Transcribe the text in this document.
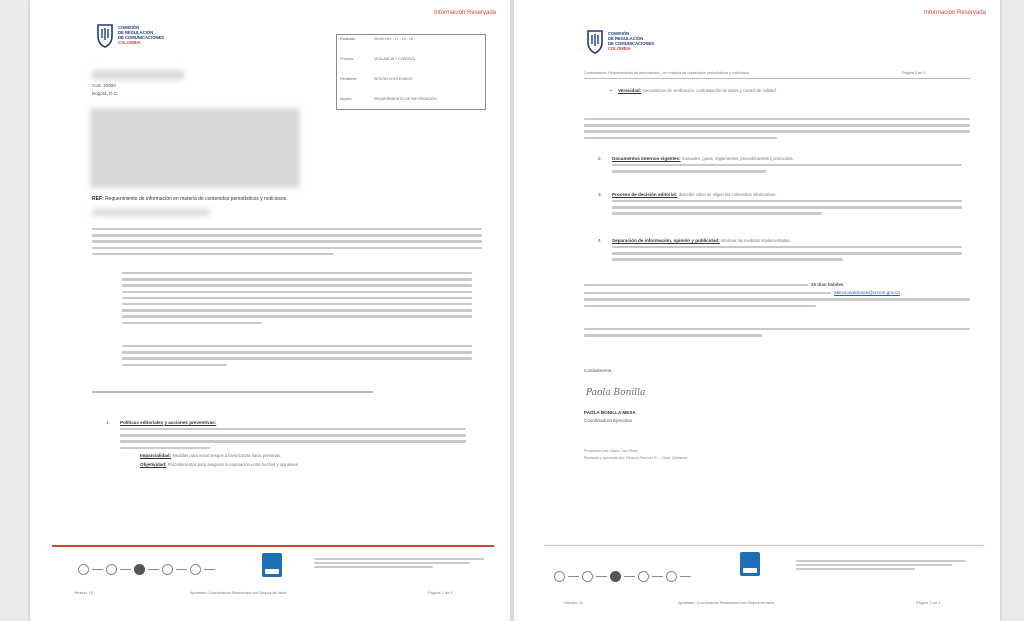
Información Reservada
COMISIÓN
DE REGULACIÓN
DE COMUNICACIONES
COLOMBIA
Radicado:	2019XXXX - 11 - 10 - 16
Proceso:	VIGILANCIA Y CONTROL
Remitente:	SESIÓN CONTENIDOS
Asunto:	REQUERIMIENTO DE INFORMACIÓN
Cod. 10000
Bogotá, D.C.
REF: Requerimiento de información en materia de contenidos periodísticos y noticiosos.
1. Políticas editoriales y acciones preventivas:
Imparcialidad: Medidas para evitar sesgos a favor/contra hacia personas.
Objetividad: Procedimientos para asegurar la separación entre hechos y opiniones.
Versión: 10	Aprobado: Coordinación Relaciones con Grupos de Valor	Página: 1 de 2
Información Reservada
COMISIÓN
DE REGULACIÓN
DE COMUNICACIONES
COLOMBIA
Continuación: Requerimiento de información – en materia de contenidos periodísticos y noticiosos	Página 2 de 2
• Veracidad: mecanismos de verificación, contrastación de datos y control de calidad.
2. Documentos internos vigentes: manuales, guías, reglamentos, procedimientos y protocolos.
3. Proceso de decisión editorial: describir cómo se eligen los contenidos informativos.
4. Separación de información, opinión y publicidad: informar las medidas implementadas.
15 días hábiles
atencionalcliente@crcom.gov.co
Cordialmente,
Paola Bonilla
PAOLA BONILLA MESA
Coordinadora Ejecutiva
Proyectado por: Maria Cruz Rivas
Revisado y aprobado por: Ricardo Ramírez R. – Victor Quintanar
Versión: 10	Aprobado: Coordinación Relaciones con Grupos de Valor	Página: 2 de 2
